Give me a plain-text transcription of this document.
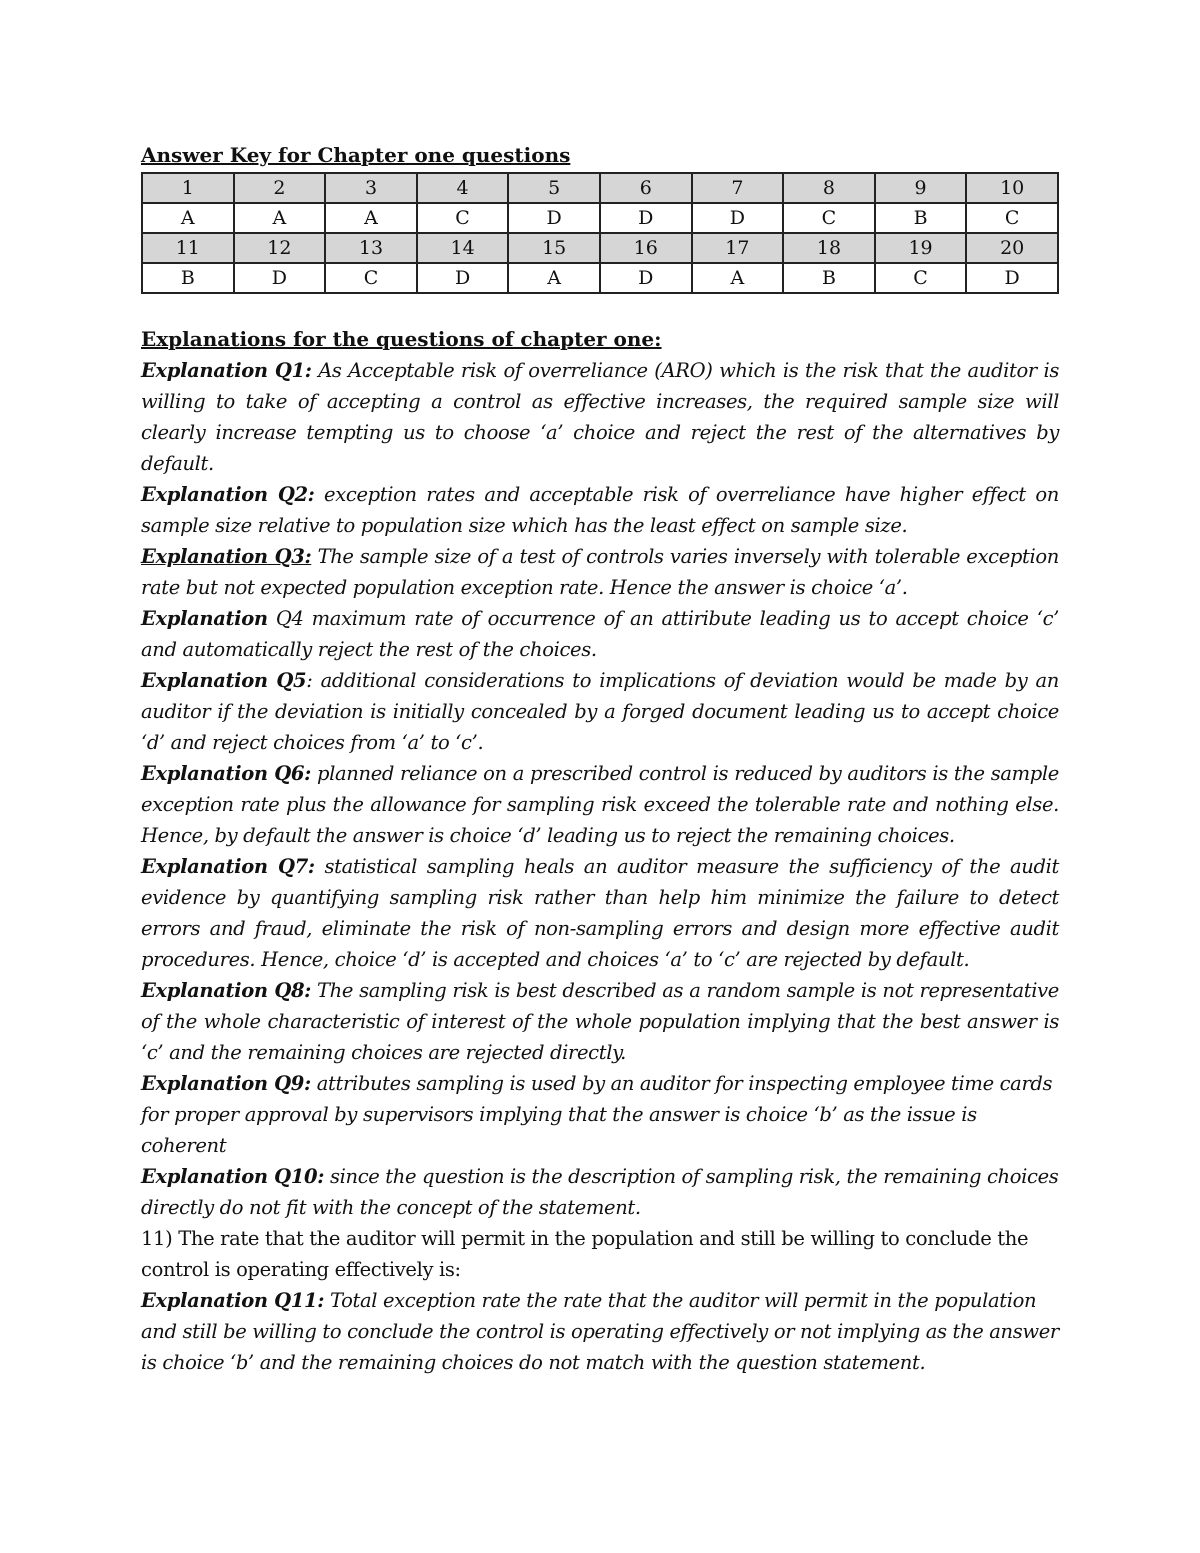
Answer Key for Chapter one questions
1	2	3	4	5	6	7	8	9	10
A	A	A	C	D	D	D	C	B	C
11	12	13	14	15	16	17	18	19	20
B	D	C	D	A	D	A	B	C	D
Explanations for the questions of chapter one:

Explanation Q1: As Acceptable risk of overreliance (ARO) which is the risk that the auditor is willing to take of accepting a control as effective increases, the required sample size will clearly increase tempting us to choose ‘a’ choice and reject the rest of the alternatives by default.

Explanation Q2: exception rates and acceptable risk of overreliance have higher effect on sample size relative to population size which has the least effect on sample size.

Explanation Q3: The sample size of a test of controls varies inversely with tolerable exception rate but not expected population exception rate. Hence the answer is choice ‘a’.

Explanation Q4 maximum rate of occurrence of an attiribute leading us to accept choice ‘c’ and automatically reject the rest of the choices.

Explanation Q5: additional considerations to implications of deviation would be made by an auditor if the deviation is initially concealed by a forged document leading us to accept choice ‘d’ and reject choices from ‘a’ to ‘c’.

Explanation Q6: planned reliance on a prescribed control is reduced by auditors is the sample exception rate plus the allowance for sampling risk exceed the tolerable rate and nothing else. Hence, by default the answer is choice ‘d’ leading us to reject the remaining choices.

Explanation Q7: statistical sampling heals an auditor measure the sufficiency of the audit evidence by quantifying sampling risk rather than help him minimize the failure to detect errors and fraud, eliminate the risk of non-sampling errors and design more effective audit procedures. Hence, choice ‘d’ is accepted and choices ‘a’ to ‘c’ are rejected by default.

Explanation Q8: The sampling risk is best described as a random sample is not representative of the whole characteristic of interest of the whole population implying that the best answer is ‘c’ and the remaining choices are rejected directly.

Explanation Q9: attributes sampling is used by an auditor for inspecting employee time cards for proper approval by supervisors implying that the answer is choice ‘b’ as the issue is coherent

Explanation Q10: since the question is the description of sampling risk, the remaining choices directly do not fit with the concept of the statement.

11) The rate that the auditor will permit in the population and still be willing to conclude the control is operating effectively is:

Explanation Q11: Total exception rate the rate that the auditor will permit in the population and still be willing to conclude the control is operating effectively or not implying as the answer is choice ‘b’ and the remaining choices do not match with the question statement.
